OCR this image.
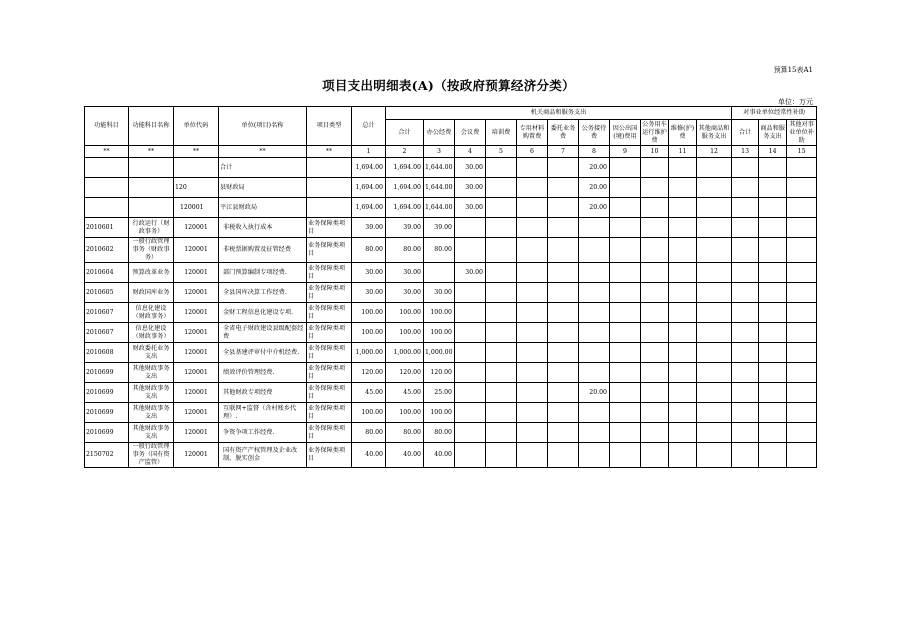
预算15表A1
项目支出明细表(A)（按政府预算经济分类）
单位：万元
功能科目	功能科目名称	单位代码	单位(项目)名称	项目类型	总计	机关商品和服务支出											对事业单位经常性补助		
						合计	办公经费	会议费	培训费	专用材料购置费	委托业务费	公务接待费	因公出国(境)费用	公务用车运行维护费	维修(护)费	其他商品和服务支出	合计	商品和服务支出	其他对事业单位补助
**	**	**	**	**	1	2	3	4	5	6	7	8	9	10	11	12	13	14	15
			合计		1,694.00	1,694.00	1,644.00	30.00				20.00							
		120	县财政局		1,694.00	1,694.00	1,644.00	30.00				20.00							
		120001	平江县财政局		1,694.00	1,694.00	1,644.00	30.00				20.00							
2010601	行政运行（财政事务）	120001	非税收入执行成本	业务保障类项目	39.00	39.00	39.00												
2010602	一般行政管理事务（财政事务）	120001	非税票据购置及征管经费	业务保障类项目	80.00	80.00	80.00												
2010604	预算改革业务	120001	部门预算编制专项经费.	业务保障类项目	30.00	30.00		30.00											
2010605	财政国库业务	120001	全县国库决算工作经费.	业务保障类项目	30.00	30.00	30.00												
2010607	信息化建设（财政事务）	120001	金财工程信息化建设专项.	业务保障类项目	100.00	100.00	100.00												
2010607	信息化建设（财政事务）	120001	全省电子财政建设县级配套经费	业务保障类项目	100.00	100.00	100.00												
2010608	财政委托业务支出	120001	全县基建评审付中介机经费.	业务保障类项目	1,000.00	1,000.00	1,000.00												
2010699	其他财政事务支出	120001	绩效评价管理经费.	业务保障类项目	120.00	120.00	120.00												
2010699	其他财政事务支出	120001	其他财政专项经费	业务保障类项目	45.00	45.00	25.00					20.00							
2010699	其他财政事务支出	120001	互联网+监督（含村账乡代理）.	业务保障类项目	100.00	100.00	100.00												
2010699	其他财政事务支出	120001	争资争项工作经费.	业务保障类项目	80.00	80.00	80.00												
2150702	一般行政管理事务（国有资产监管）	120001	国有资产产权管理及企业改制、脱实创金	业务保障类项目	40.00	40.00	40.00												
